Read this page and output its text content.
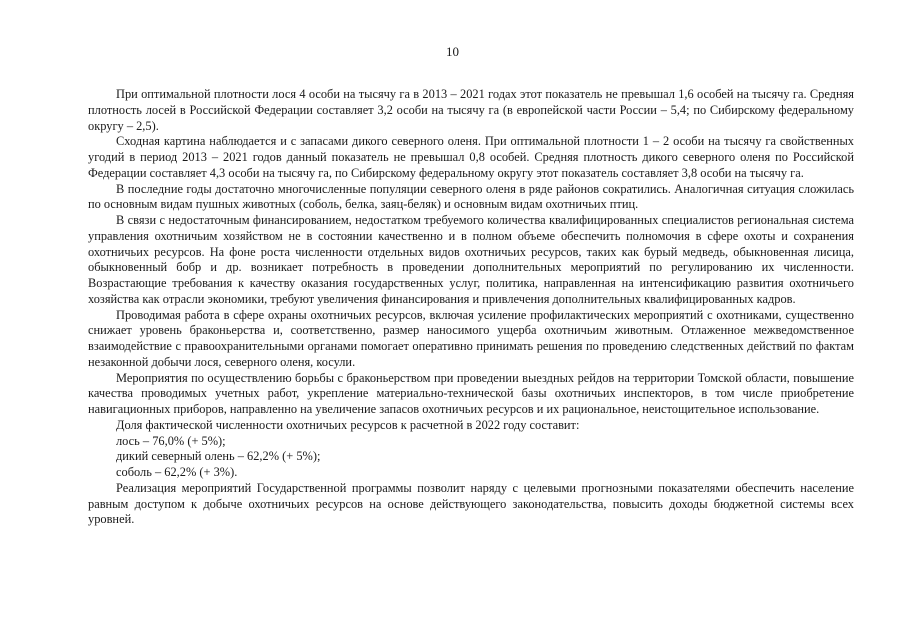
10

При оптимальной плотности лося 4 особи на тысячу га в 2013 – 2021 годах этот показатель не превышал 1,6 особей на тысячу га. Средняя плотность лосей в Российской Федерации составляет 3,2 особи на тысячу га (в европейской части России – 5,4; по Сибирскому федеральному округу – 2,5).

Сходная картина наблюдается и с запасами дикого северного оленя. При оптимальной плотности 1 – 2 особи на тысячу га свойственных угодий в период 2013 – 2021 годов данный показатель не превышал 0,8 особей. Средняя плотность дикого северного оленя по Российской Федерации составляет 4,3 особи на тысячу га, по Сибирскому федеральному округу этот показатель составляет 3,8 особи на тысячу га.

В последние годы достаточно многочисленные популяции северного оленя в ряде районов сократились. Аналогичная ситуация сложилась по основным видам пушных животных (соболь, белка, заяц-беляк) и основным видам охотничьих птиц.

В связи с недостаточным финансированием, недостатком требуемого количества квалифицированных специалистов региональная система управления охотничьим хозяйством не в состоянии качественно и в полном объеме обеспечить полномочия в сфере охоты и сохранения охотничьих ресурсов. На фоне роста численности отдельных видов охотничьих ресурсов, таких как бурый медведь, обыкновенная лисица, обыкновенный бобр и др. возникает потребность в проведении дополнительных мероприятий по регулированию их численности. Возрастающие требования к качеству оказания государственных услуг, политика, направленная на интенсификацию развития охотничьего хозяйства как отрасли экономики, требуют увеличения финансирования и привлечения дополнительных квалифицированных кадров.

Проводимая работа в сфере охраны охотничьих ресурсов, включая усиление профилактических мероприятий с охотниками, существенно снижает уровень браконьерства и, соответственно, размер наносимого ущерба охотничьим животным. Отлаженное межведомственное взаимодействие с правоохранительными органами помогает оперативно принимать решения по проведению следственных действий по фактам незаконной добычи лося, северного оленя, косули.

Мероприятия по осуществлению борьбы с браконьерством при проведении выездных рейдов на территории Томской области, повышение качества проводимых учетных работ, укрепление материально-технической базы охотничьих инспекторов, в том числе приобретение навигационных приборов, направленно на увеличение запасов охотничьих ресурсов и их рациональное, неистощительное использование.

Доля фактической численности охотничьих ресурсов к расчетной в 2022 году составит:

лось – 76,0% (+ 5%);

дикий северный олень – 62,2% (+ 5%);

соболь – 62,2% (+ 3%).

Реализация мероприятий Государственной программы позволит наряду с целевыми прогнозными показателями обеспечить население равным доступом к добыче охотничьих ресурсов на основе действующего законодательства, повысить доходы бюджетной системы всех уровней.
